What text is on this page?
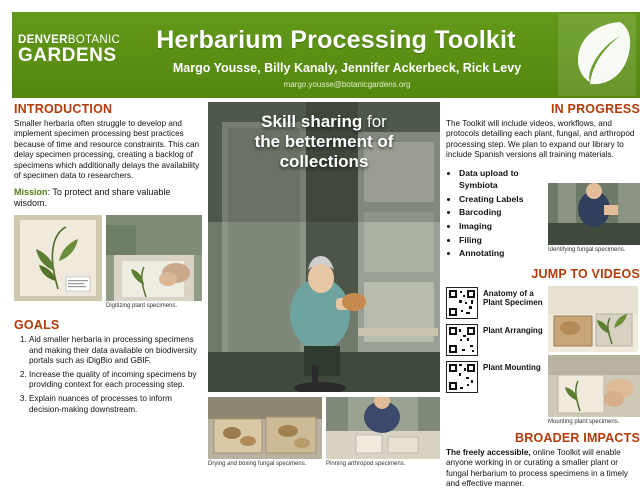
DENVERBOTANIC
GARDENS
Herbarium Processing Toolkit
Margo Yousse, Billy Kanaly, Jennifer Ackerbeck, Rick Levy
margo.yousse@botanicgardens.org
INTRODUCTION

Smaller herbaria often struggle to develop and implement specimen processing best practices because of time and resource constraints. This can delay specimen processing, creating a backlog of specimens which additionally delays the availability of specimen data to researchers.

Mission: To protect and share valuable wisdom.
Digitizing plant specimens.
GOALS
1. Aid smaller herbaria in processing specimens and making their data available on biodiversity portals such as iDigBio and GBIF.
2. Increase the quality of incoming specimens by providing context for each processing step.
3. Explain nuances of processes to inform decision-making downstream.
Skill sharing for
the betterment of
collections
Drying and boxing fungal specimens.	Pinning arthropod specimens.
IN PROGRESS

The Toolkit will include videos, workflows, and protocols detailing each plant, fungal, and arthropod processing step. We plan to expand our library to include Spanish versions all training materials.

• Data upload to Symbiota
• Creating Labels
• Barcoding
• Imaging
• Filing
• Annotating	Identifying fungal specimens.
JUMP TO VIDEOS
Anatomy of a Plant Specimen
Plant Arranging
Plant Mounting
Mounting plant specimens.
BROADER IMPACTS

The freely accessible, online Toolkit will enable anyone working in or curating a smaller plant or fungal herbarium to process specimens in a timely and effective manner.
